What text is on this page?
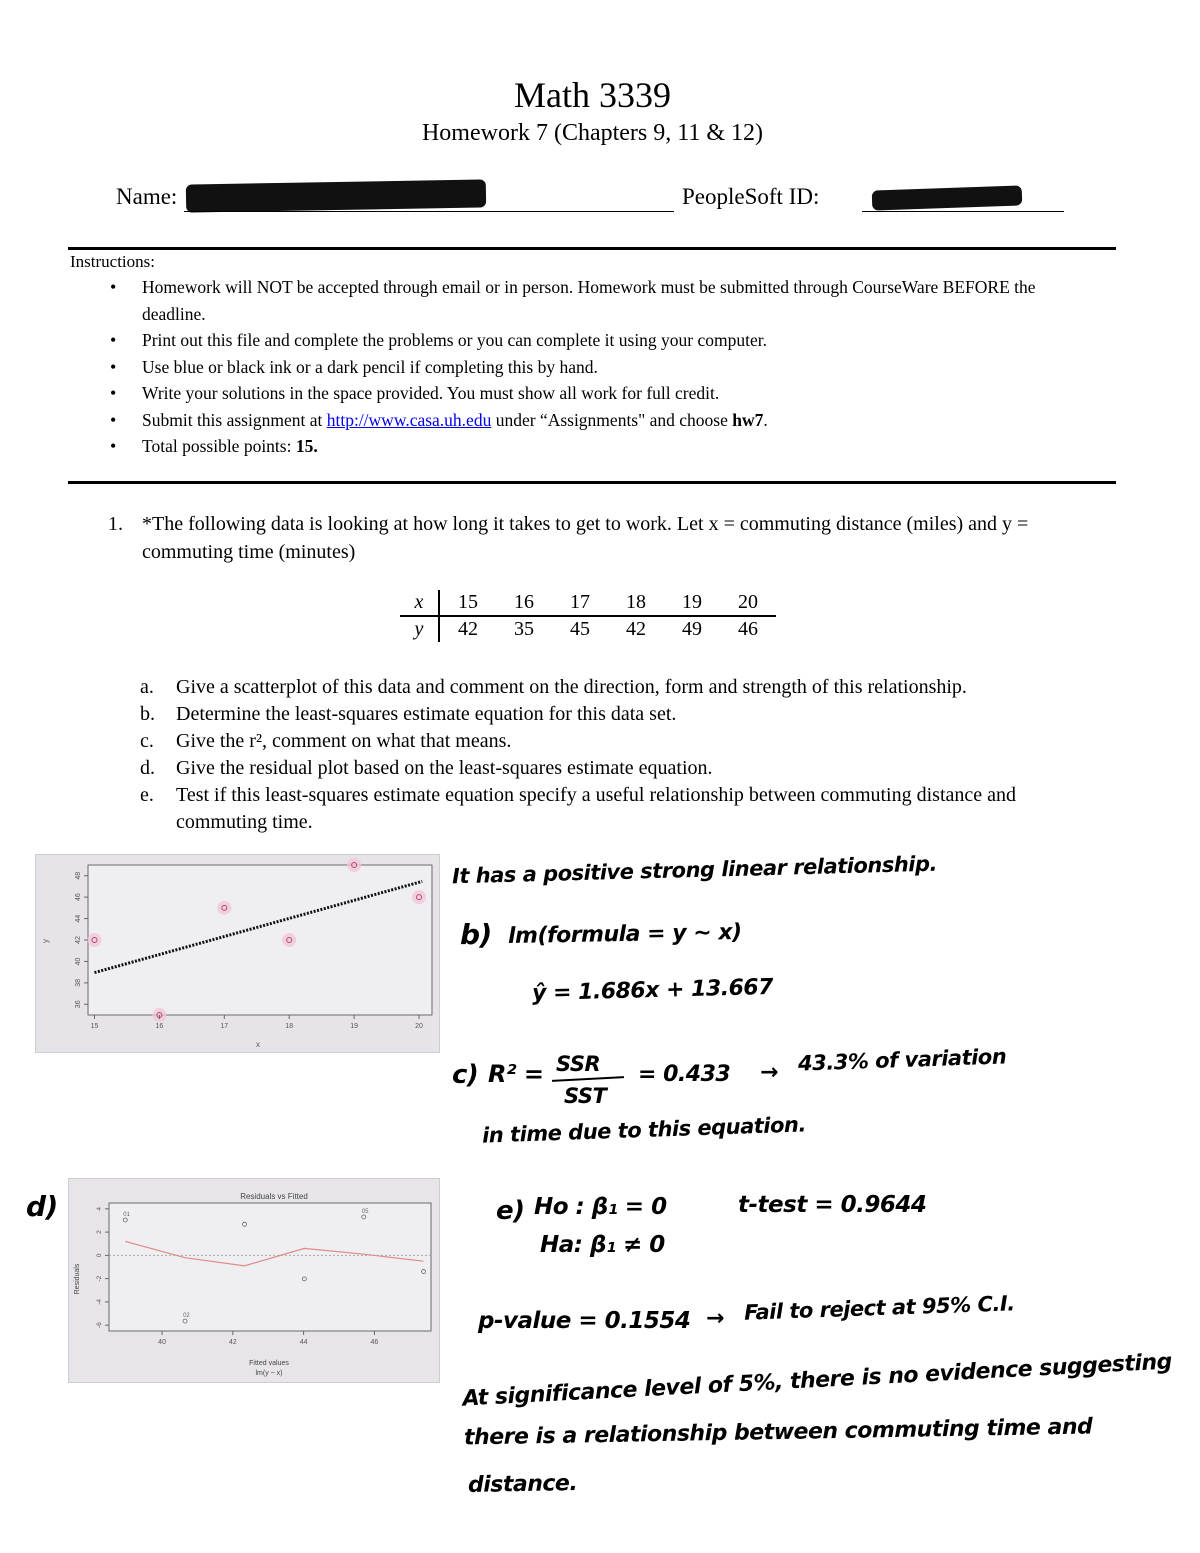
Math 3339
Homework 7 (Chapters 9, 11 & 12)
Name:	PeopleSoft ID:
Instructions:
• Homework will NOT be accepted through email or in person. Homework must be submitted through CourseWare BEFORE the deadline.
• Print out this file and complete the problems or you can complete it using your computer.
• Use blue or black ink or a dark pencil if completing this by hand.
• Write your solutions in the space provided. You must show all work for full credit.
• Submit this assignment at http://www.casa.uh.edu under “Assignments" and choose hw7.
• Total possible points: 15.
1. *The following data is looking at how long it takes to get to work. Let x = commuting distance (miles) and y = commuting time (minutes)
x	15	16	17	18	19	20
y	42	35	45	42	49	46
a. Give a scatterplot of this data and comment on the direction, form and strength of this relationship.
b. Determine the least-squares estimate equation for this data set.
c. Give the r², comment on what that means.
d. Give the residual plot based on the least-squares estimate equation.
e. Test if this least-squares estimate equation specify a useful relationship between commuting distance and commuting time.
15	16	17	18	19	20
36
38
40
42
44
46
48
y
x
Residuals vs Fitted
01
02
05
40	42	44	46
4
2
0
-2
-4
-6
Residuals
Fitted values
lm(y ~ x)
It has a positive strong linear relationship.
b) lm(formula = y ~ x)
ŷ = 1.686x + 13.667
c) R² = SSR
SST
= 0.433 → 43.3% of variation
in time due to this equation.
d)	e) Ho : β₁ = 0
Ha: β₁ ≠ 0
t-test = 0.9644
p-value = 0.1554 → Fail to reject at 95% C.I.
At significance level of 5%, there is no evidence suggesting
there is a relationship between commuting time and
distance.
